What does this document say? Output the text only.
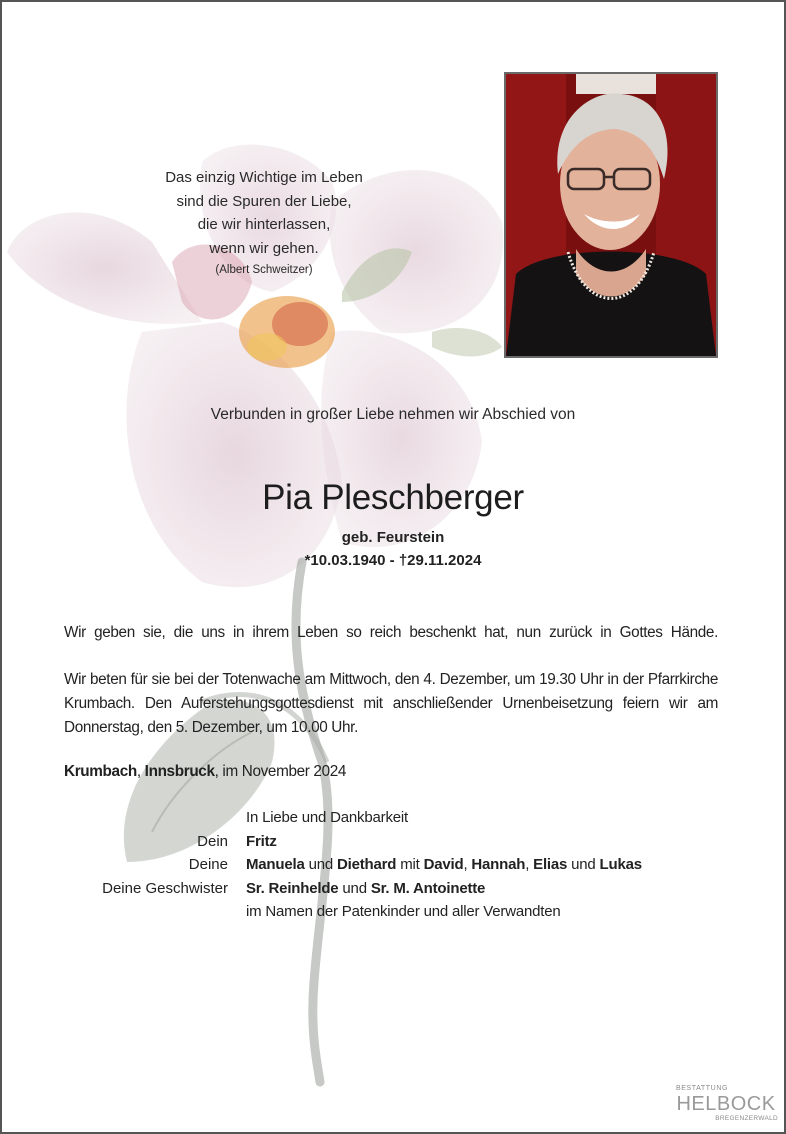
Das einzig Wichtige im Leben
sind die Spuren der Liebe,
die wir hinterlassen,
wenn wir gehen.
(Albert Schweitzer)
Verbunden in großer Liebe nehmen wir Abschied von
Pia Pleschberger
geb. Feurstein
*10.03.1940 - †29.11.2024
Wir geben sie, die uns in ihrem Leben so reich beschenkt hat, nun zurück in Gottes Hände.
Wir beten für sie bei der Totenwache am Mittwoch, den 4. Dezember, um 19.30 Uhr in der Pfarrkirche Krumbach. Den Auferstehungsgottesdienst mit anschließender Urnenbeisetzung feiern wir am Donnerstag, den 5. Dezember, um 10.00 Uhr.
Krumbach, Innsbruck, im November 2024
In Liebe und Dankbarkeit
Dein	Fritz
Deine	Manuela und Diethard mit David, Hannah, Elias und Lukas
Deine Geschwister	Sr. Reinhelde und Sr. M. Antoinette
im Namen der Patenkinder und aller Verwandten
BESTATTUNG
HELBOCK
BREGENZERWALD
